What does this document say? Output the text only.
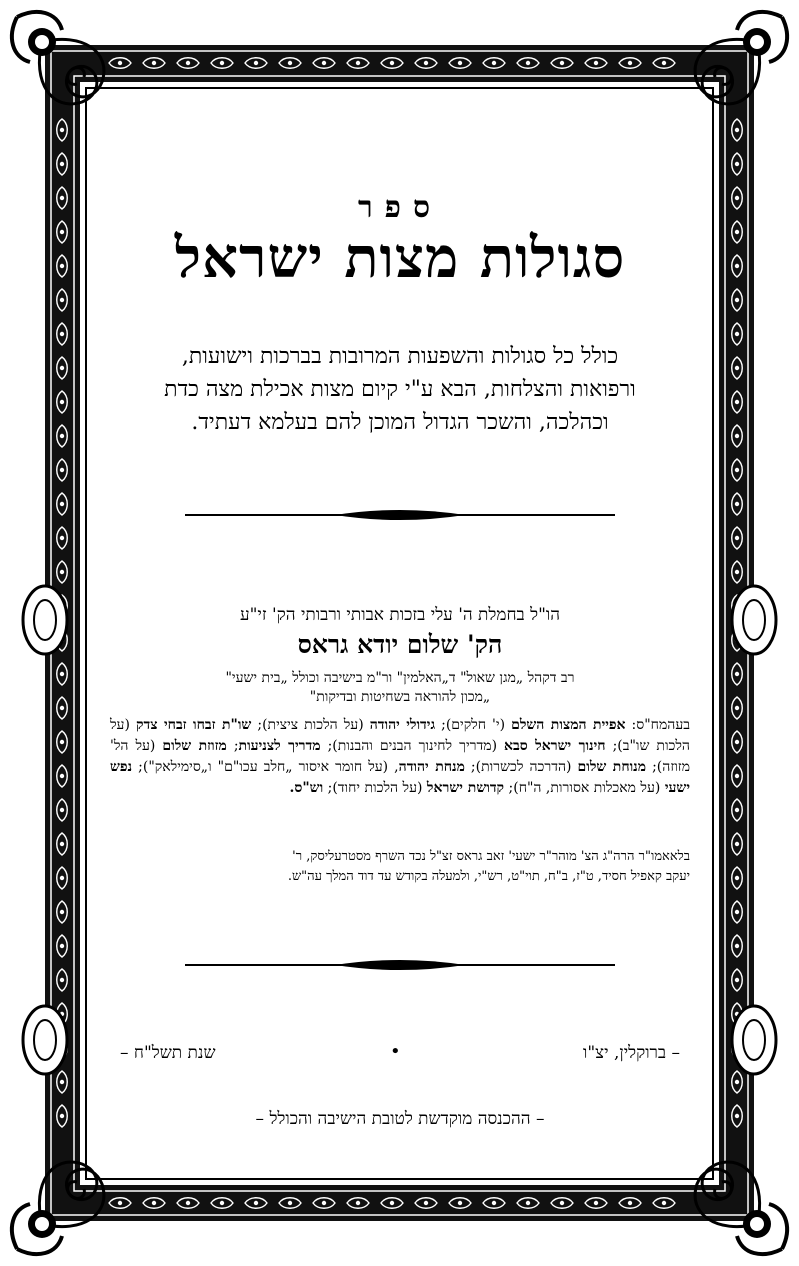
ספר
סגולות מצות ישראל
כולל כל סגולות והשפעות המרובות בברכות וישועות,
ורפואות והצלחות, הבא ע"י קיום מצות אכילת מצה כדת
וכהלכה, והשכר הגדול המוכן להם בעלמא דעתיד.
הו"ל בחמלת ה' עלי בזכות אבותי ורבותי הק' זי"ע
הק' שלום יודא גראס
רב דקהל „מגן שאול" ד„האלמין" ור"מ בישיבה וכולל „בית ישעי"
„מכון להוראה בשחיטות ובדיקות"
בעהמח"ס: אפיית המצות השלם (י' חלקים); גידולי יהודה (על הלכות ציצית); שו"ת זבחו זבחי צדק (על הלכות שו"ב); חינוך ישראל סבא (מדריך לחינוך הבנים והבנות); מדריך לצניעות; מזוזת שלום (על הל' מזוזה); מנוחת שלום (הדרכה לכשרות); מנחת יהודה, (על חומר איסור „חלב עכו"ם" ו„סימילאק"); נפש ישעי (על מאכלות אסורות, ה"ח); קדושת ישראל (על הלכות יחוד); וש"ס.
בלאאמו"ר הרה"ג הצ' מוהר"ר ישעי' זאב גראס זצ"ל נכד השרף מסטרעליסק, ר'
יעקב קאפיל חסיד, ט"ז, ב"ח, תוי"ט, רש"י, ולמעלה בקודש עד דוד המלך עה"ש.
– ברוקלין, יצ"ו
•
שנת תשל"ח –
– ההכנסה מוקדשת לטובת הישיבה והכולל –
